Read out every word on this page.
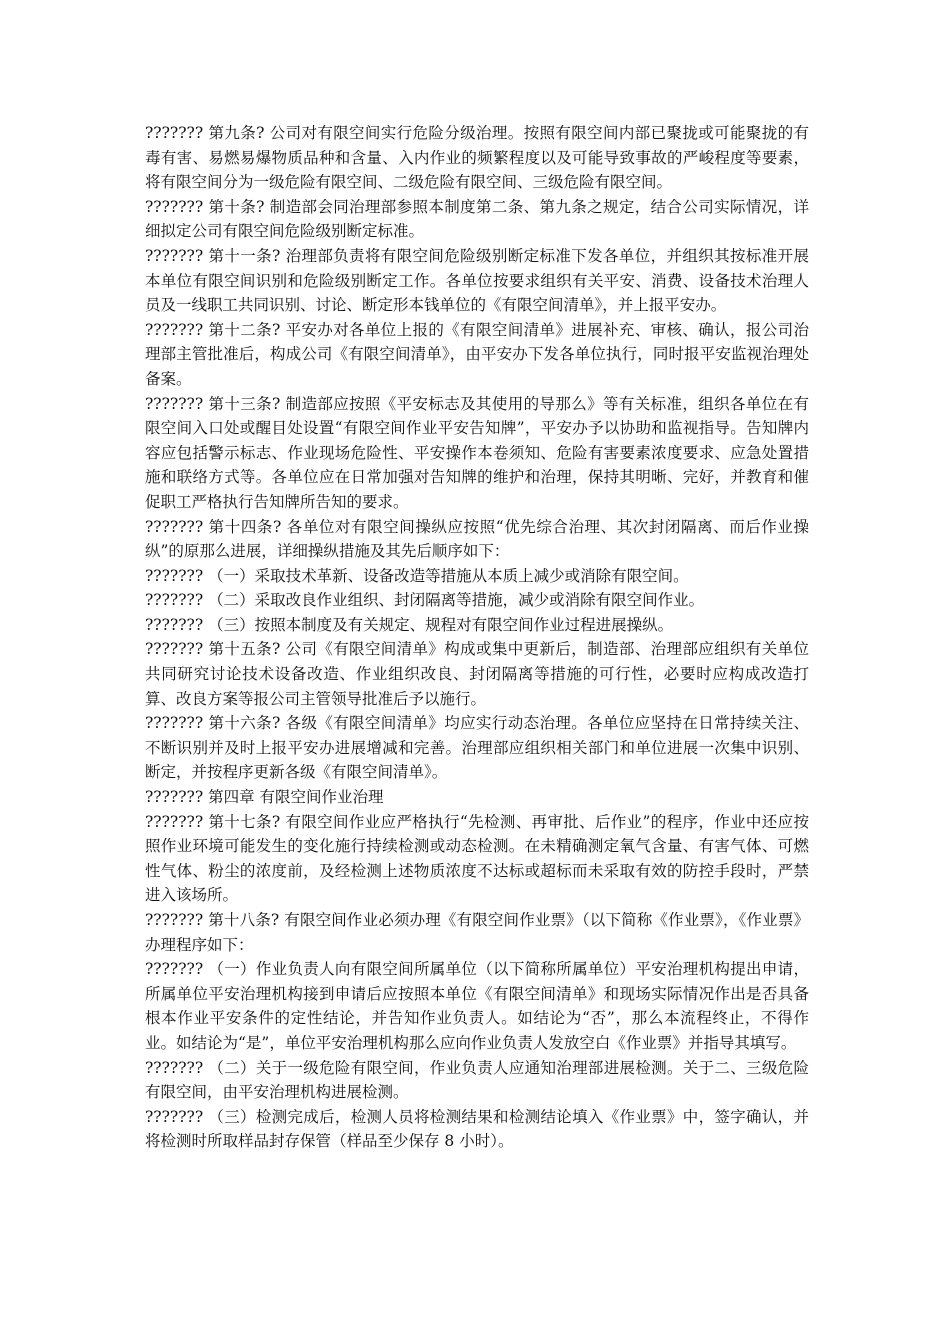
??????? 第九条? 公司对有限空间实行危险分级治理。按照有限空间内部已聚拢或可能聚拢的有毒有害、易燃易爆物质品种和含量、入内作业的频繁程度以及可能导致事故的严峻程度等要素，将有限空间分为一级危险有限空间、二级危险有限空间、三级危险有限空间。

??????? 第十条? 制造部会同治理部参照本制度第二条、第九条之规定，结合公司实际情况，详细拟定公司有限空间危险级别断定标准。

??????? 第十一条? 治理部负责将有限空间危险级别断定标准下发各单位，并组织其按标准开展本单位有限空间识别和危险级别断定工作。各单位按要求组织有关平安、消费、设备技术治理人员及一线职工共同识别、讨论、断定形本钱单位的《有限空间清单》，并上报平安办。

??????? 第十二条? 平安办对各单位上报的《有限空间清单》进展补充、审核、确认，报公司治理部主管批准后，构成公司《有限空间清单》，由平安办下发各单位执行，同时报平安监视治理处备案。

??????? 第十三条? 制造部应按照《平安标志及其使用的导那么》等有关标准，组织各单位在有限空间入口处或醒目处设置“有限空间作业平安告知牌”，平安办予以协助和监视指导。告知牌内容应包括警示标志、作业现场危险性、平安操作本卷须知、危险有害要素浓度要求、应急处置措施和联络方式等。各单位应在日常加强对告知牌的维护和治理，保持其明晰、完好，并教育和催促职工严格执行告知牌所告知的要求。

??????? 第十四条? 各单位对有限空间操纵应按照“优先综合治理、其次封闭隔离、而后作业操纵”的原那么进展，详细操纵措施及其先后顺序如下：

??????? （一）采取技术革新、设备改造等措施从本质上减少或消除有限空间。

??????? （二）采取改良作业组织、封闭隔离等措施，减少或消除有限空间作业。

??????? （三）按照本制度及有关规定、规程对有限空间作业过程进展操纵。

??????? 第十五条? 公司《有限空间清单》构成或集中更新后，制造部、治理部应组织有关单位共同研究讨论技术设备改造、作业组织改良、封闭隔离等措施的可行性，必要时应构成改造打算、改良方案等报公司主管领导批准后予以施行。

??????? 第十六条? 各级《有限空间清单》均应实行动态治理。各单位应坚持在日常持续关注、不断识别并及时上报平安办进展增减和完善。治理部应组织相关部门和单位进展一次集中识别、断定，并按程序更新各级《有限空间清单》。

??????? 第四章 有限空间作业治理

??????? 第十七条? 有限空间作业应严格执行“先检测、再审批、后作业”的程序，作业中还应按照作业环境可能发生的变化施行持续检测或动态检测。在未精确测定氧气含量、有害气体、可燃性气体、粉尘的浓度前，及经检测上述物质浓度不达标或超标而未采取有效的防控手段时，严禁进入该场所。

??????? 第十八条? 有限空间作业必须办理《有限空间作业票》（以下简称《作业票》，《作业票》办理程序如下：

??????? （一）作业负责人向有限空间所属单位（以下简称所属单位）平安治理机构提出申请，所属单位平安治理机构接到申请后应按照本单位《有限空间清单》和现场实际情况作出是否具备根本作业平安条件的定性结论，并告知作业负责人。如结论为“否”，那么本流程终止，不得作业。如结论为“是”，单位平安治理机构那么应向作业负责人发放空白《作业票》并指导其填写。

??????? （二）关于一级危险有限空间，作业负责人应通知治理部进展检测。关于二、三级危险有限空间，由平安治理机构进展检测。

??????? （三）检测完成后，检测人员将检测结果和检测结论填入《作业票》中，签字确认，并将检测时所取样品封存保管（样品至少保存 8 小时）。
